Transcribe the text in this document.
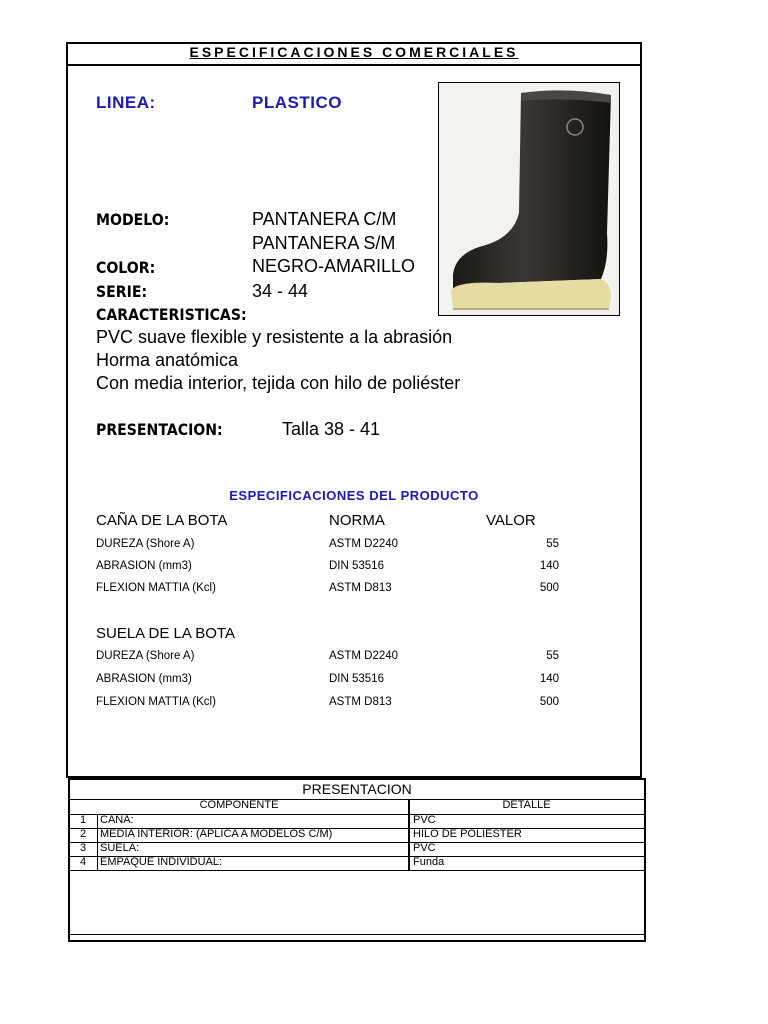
ESPECIFICACIONES COMERCIALES
LINEA:	PLASTICO
MODELO:	PANTANERA C/M
PANTANERA S/M
COLOR:	NEGRO-AMARILLO
SERIE:	34 - 44
CARACTERISTICAS:
PVC suave flexible y resistente a la abrasión
Horma anatómica
Con media interior, tejida con hilo de poliéster
PRESENTACION:	Talla 38 - 41
ESPECIFICACIONES DEL PRODUCTO
CAÑA DE LA BOTA	NORMA	VALOR
DUREZA (Shore A)	ASTM D2240	55
ABRASION (mm3)	DIN 53516	140
FLEXION MATTIA (Kcl)	ASTM D813	500
SUELA DE LA BOTA
DUREZA (Shore A)	ASTM D2240	55
ABRASION (mm3)	DIN 53516	140
FLEXION MATTIA (Kcl)	ASTM D813	500
PRESENTACION
COMPONENTE	DETALLE
1	CANA:	PVC
2	MEDIA INTERIOR: (APLICA A MODELOS C/M)	HILO DE POLIESTER
3	SUELA:	PVC
4	EMPAQUE INDIVIDUAL:	Funda
